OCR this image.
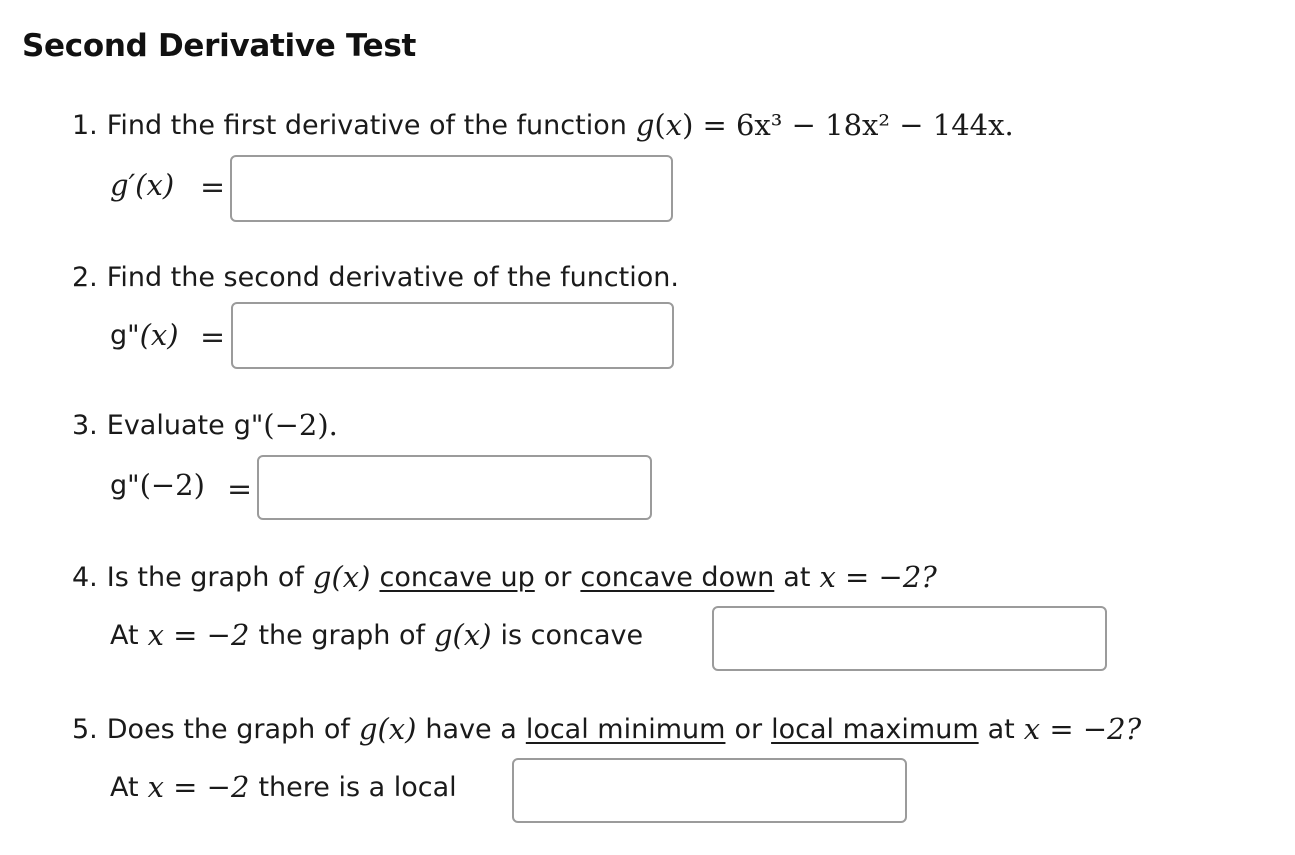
Second Derivative Test
1. Find the first derivative of the function g ( x ) = 6x³ − 18x² − 144x.
g′ (x) =
2. Find the second derivative of the function.
g" (x) =
3. Evaluate g" (−2).
g" (−2) =
4. Is the graph of g(x) concave up or concave down at x = −2?
At x = −2 the graph of g(x) is concave
5. Does the graph of g(x) have a local minimum or local maximum at x = −2?
At x = −2 there is a local
